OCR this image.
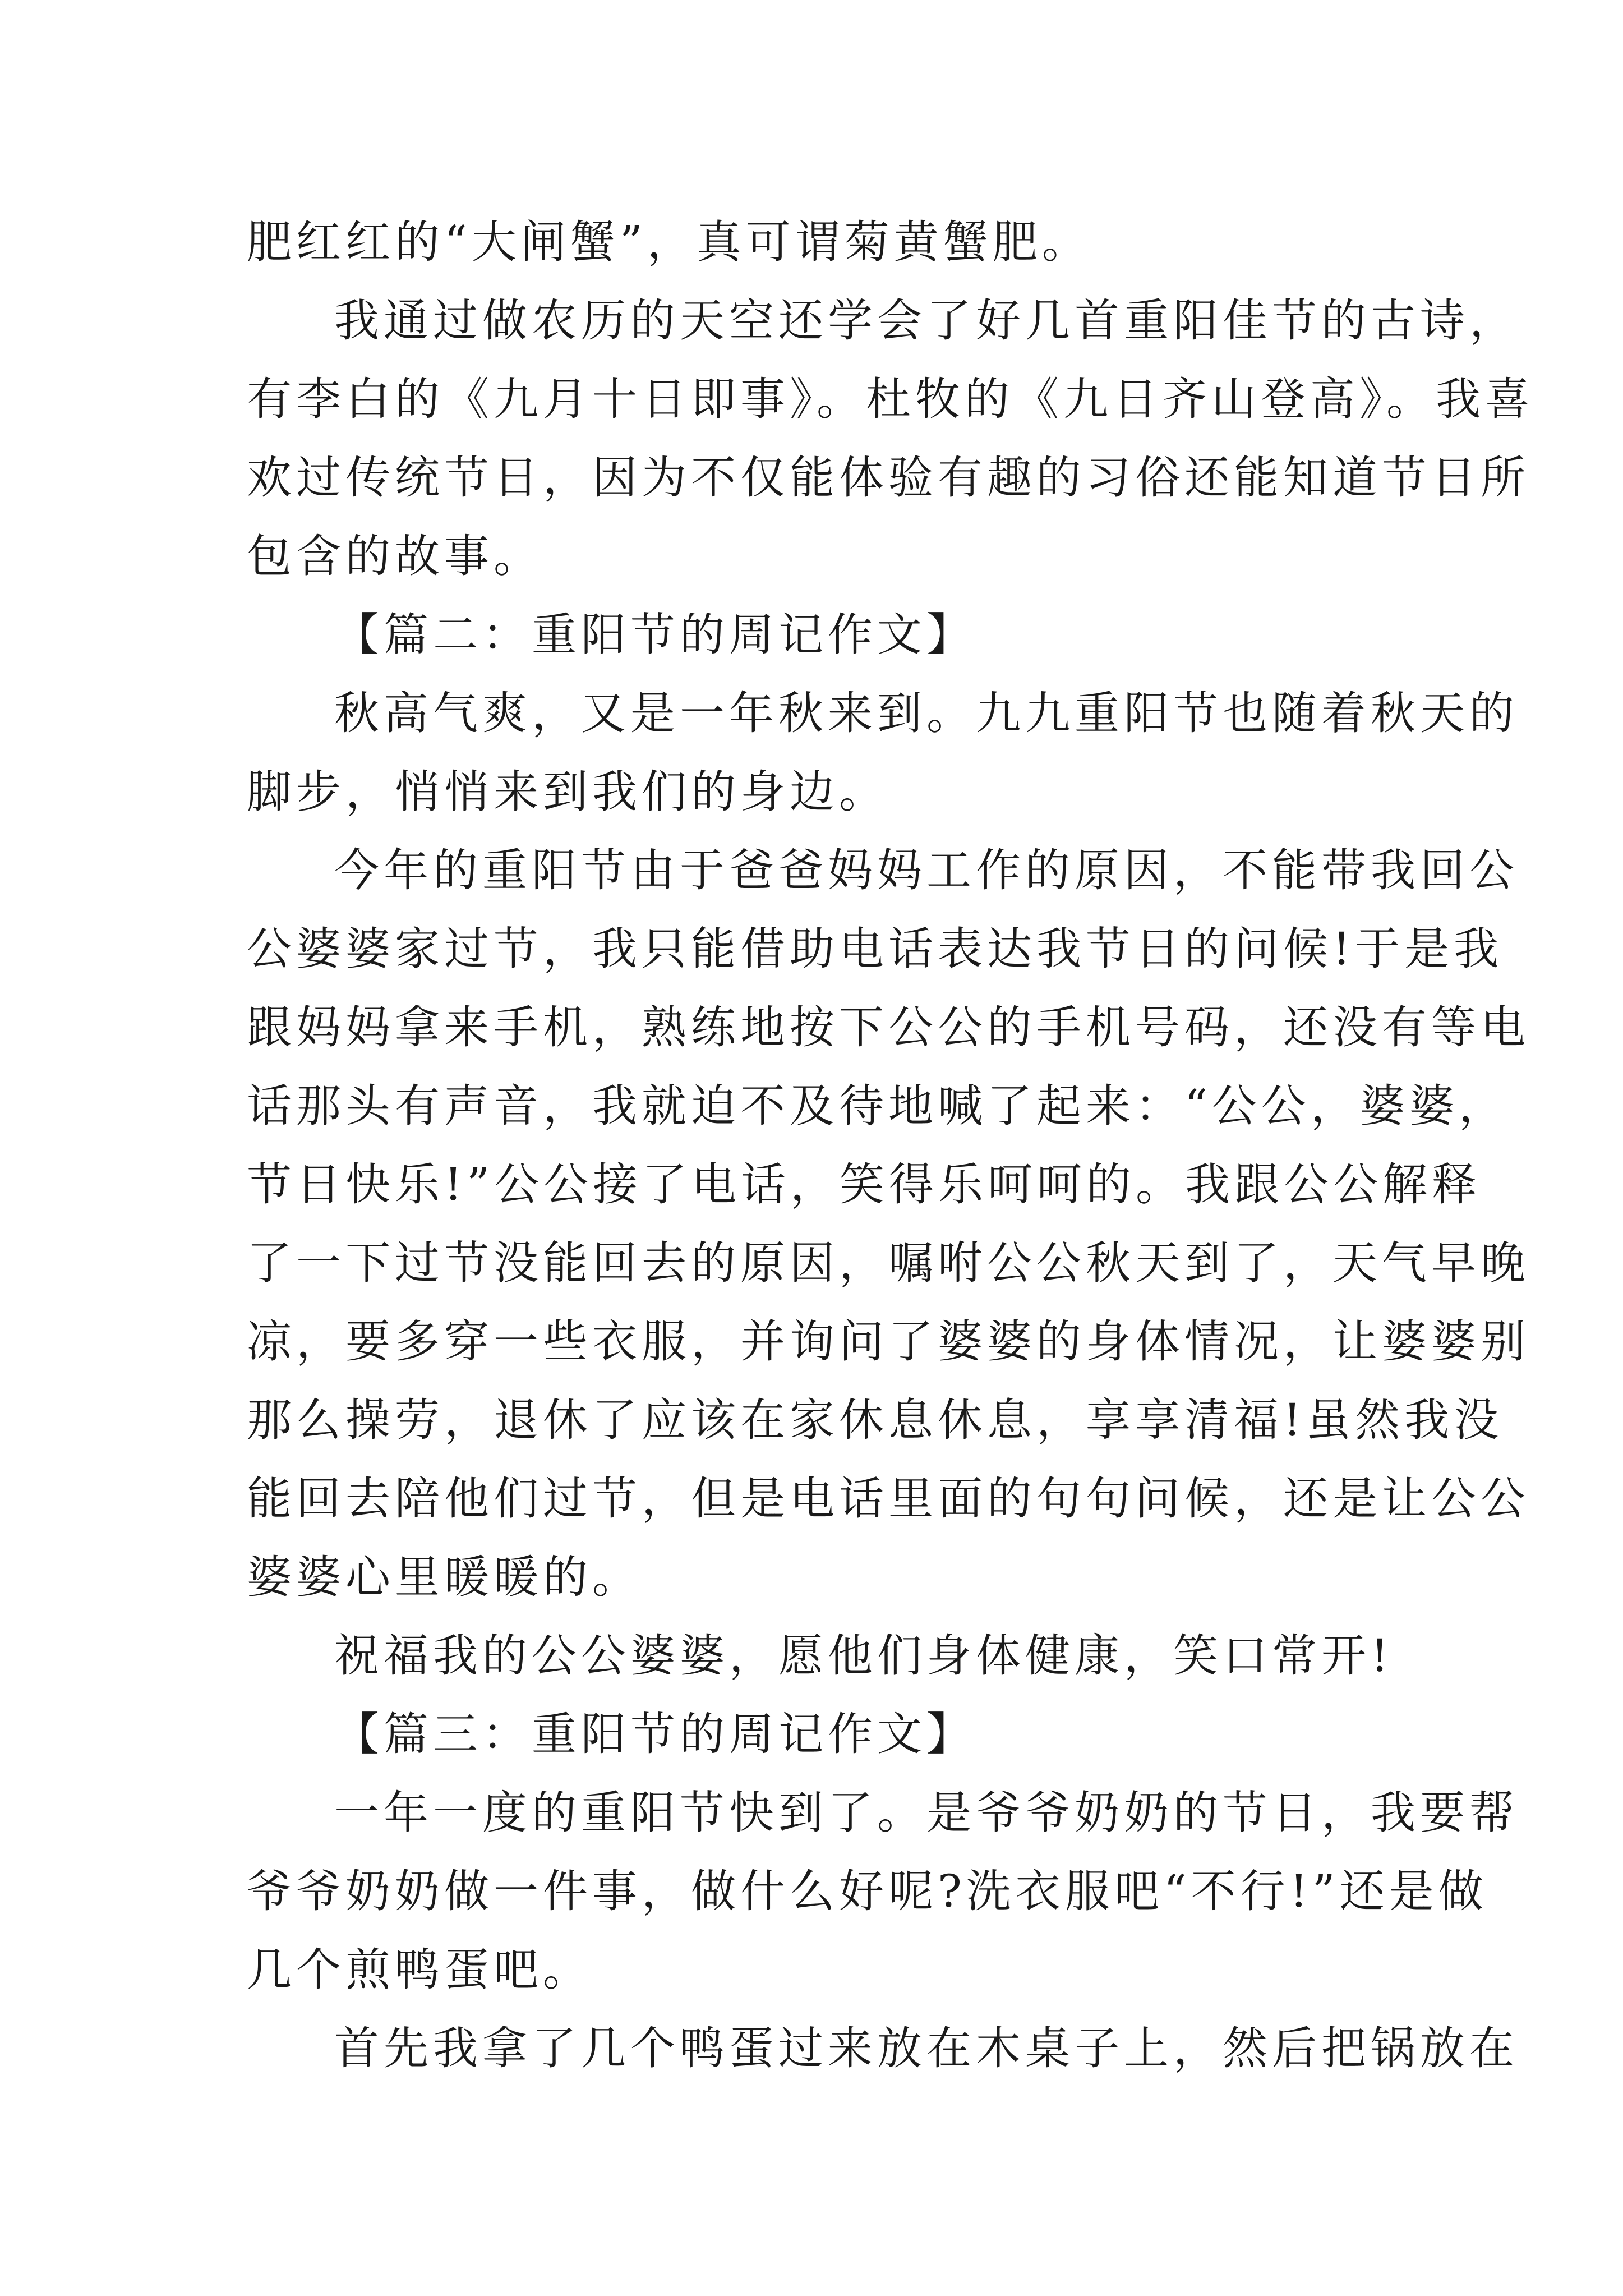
肥红红的“大闸蟹”，真可谓菊黄蟹肥。
我通过做农历的天空还学会了好几首重阳佳节的古诗，
有李白的《九月十日即事》。杜牧的《九日齐山登高》。我喜
欢过传统节日，因为不仅能体验有趣的习俗还能知道节日所
包含的故事。
【篇二：重阳节的周记作文】
秋高气爽，又是一年秋来到。九九重阳节也随着秋天的
脚步，悄悄来到我们的身边。
今年的重阳节由于爸爸妈妈工作的原因，不能带我回公
公婆婆家过节，我只能借助电话表达我节日的问候!于是我
跟妈妈拿来手机，熟练地按下公公的手机号码，还没有等电
话那头有声音，我就迫不及待地喊了起来：“公公，婆婆，
节日快乐!”公公接了电话，笑得乐呵呵的。我跟公公解释
了一下过节没能回去的原因，嘱咐公公秋天到了，天气早晚
凉，要多穿一些衣服，并询问了婆婆的身体情况，让婆婆别
那么操劳，退休了应该在家休息休息，享享清福!虽然我没
能回去陪他们过节，但是电话里面的句句问候，还是让公公
婆婆心里暖暖的。
祝福我的公公婆婆，愿他们身体健康，笑口常开!
【篇三：重阳节的周记作文】
一年一度的重阳节快到了。是爷爷奶奶的节日，我要帮
爷爷奶奶做一件事，做什么好呢?洗衣服吧“不行!”还是做
几个煎鸭蛋吧。
首先我拿了几个鸭蛋过来放在木桌子上，然后把锅放在
